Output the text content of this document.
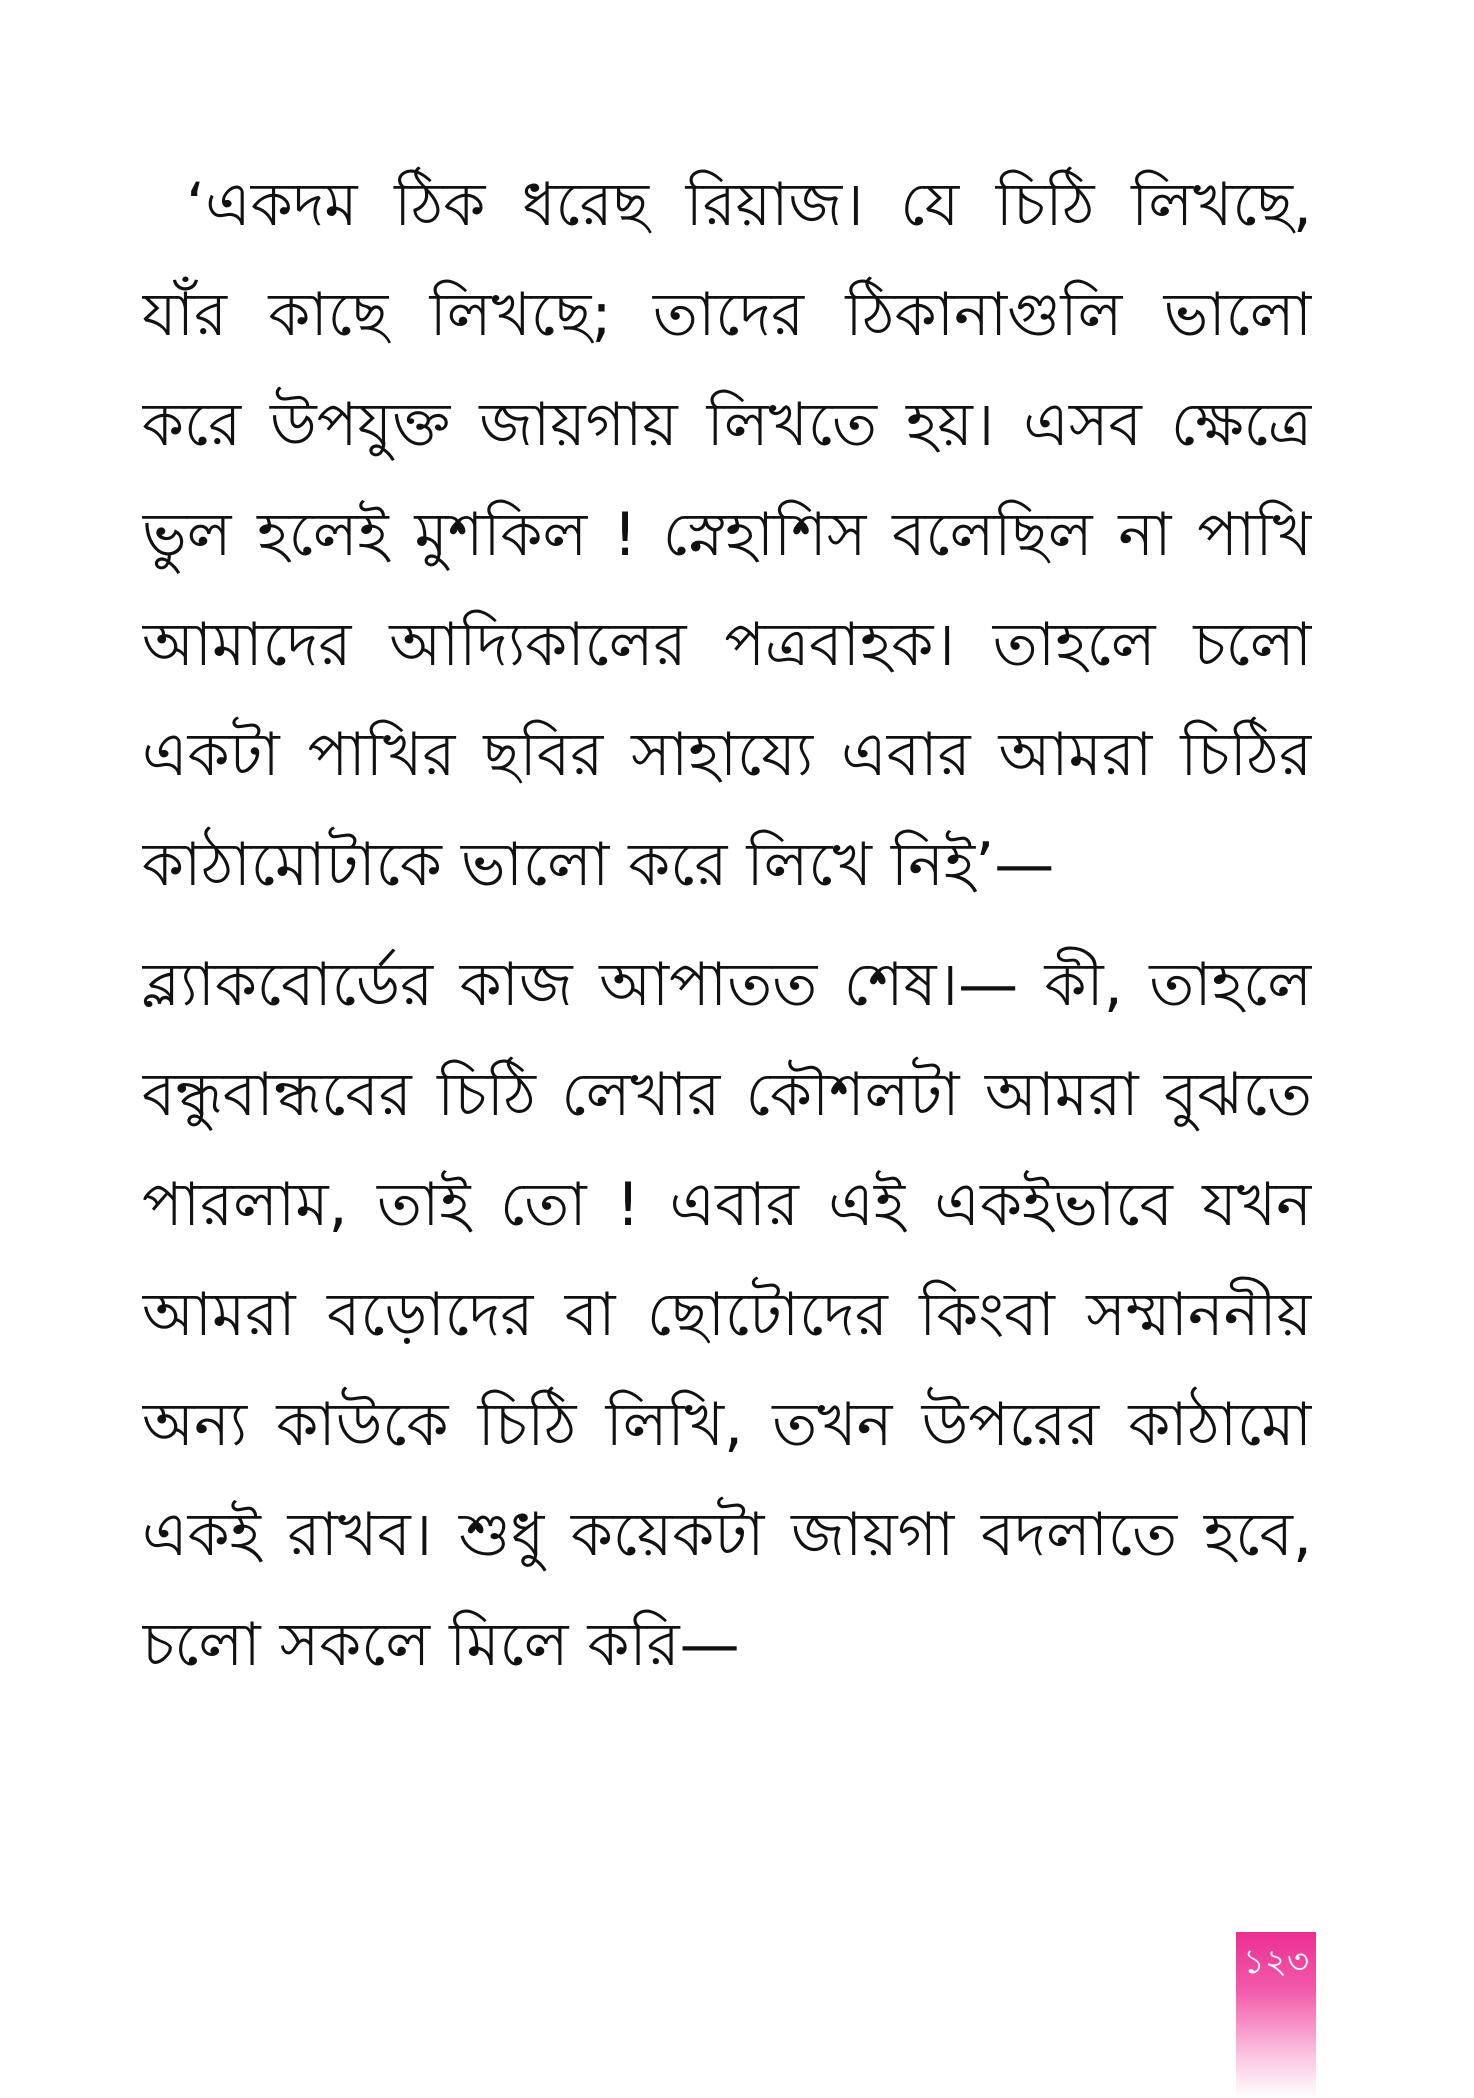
‘একদম ঠিক ধরেছ রিয়াজ। যে চিঠি লিখছে,
যাঁর কাছে লিখছে; তাদের ঠিকানাগুলি ভালো
করে উপযুক্ত জায়গায় লিখতে হয়। এসব ক্ষেত্রে
ভুল হলেই মুশকিল ! স্নেহাশিস বলেছিল না পাখি
আমাদের আদ্যিকালের পত্রবাহক। তাহলে চলো
একটা পাখির ছবির সাহায্যে এবার আমরা চিঠির
কাঠামোটাকে ভালো করে লিখে নিই’—
ব্ল্যাকবোর্ডের কাজ আপাতত শেষ।— কী, তাহলে
বন্ধুবান্ধবের চিঠি লেখার কৌশলটা আমরা বুঝতে
পারলাম, তাই তো ! এবার এই একইভাবে যখন
আমরা বড়োদের বা ছোটোদের কিংবা সম্মাননীয়
অন্য কাউকে চিঠি লিখি, তখন উপরের কাঠামো
একই রাখব। শুধু কয়েকটা জায়গা বদলাতে হবে,
চলো সকলে মিলে করি—
১২৩
